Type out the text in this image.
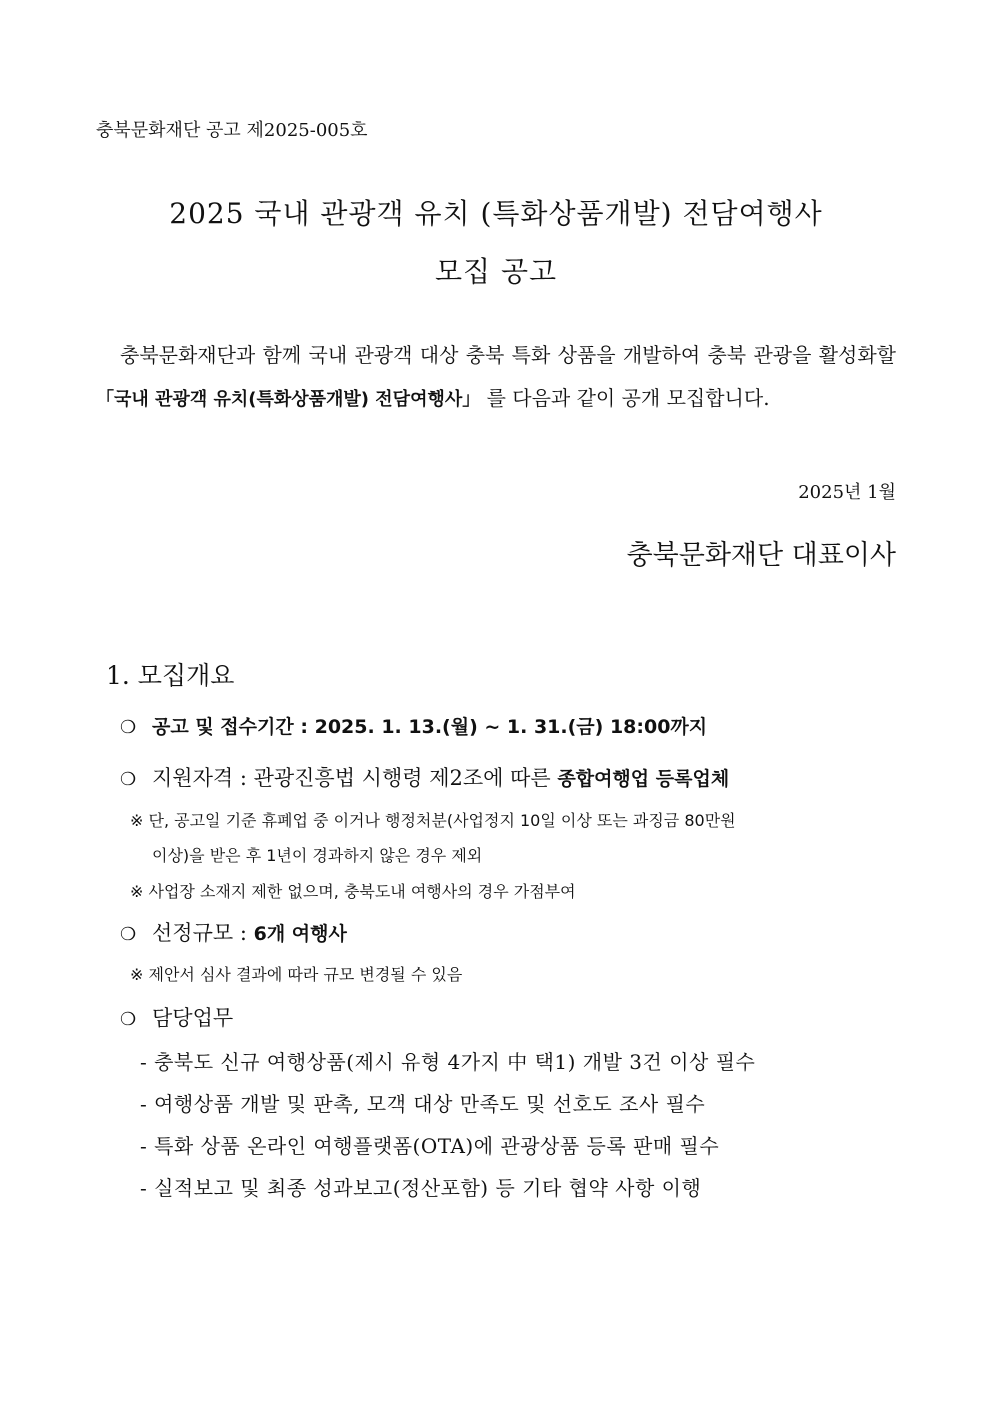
충북문화재단 공고 제2025-005호
2025 국내 관광객 유치 (특화상품개발) 전담여행사
모집 공고
충북문화재단과 함께 국내 관광객 대상 충북 특화 상품을 개발하여 충북 관광을 활성화할 「국내 관광객 유치(특화상품개발) 전담여행사」 를 다음과 같이 공개 모집합니다.
2025년 1월
충북문화재단 대표이사
1. 모집개요
❍ 공고 및 접수기간 : 2025. 1. 13.(월) ~ 1. 31.(금) 18:00까지
❍ 지원자격 : 관광진흥법 시행령 제2조에 따른 종합여행업 등록업체
※ 단, 공고일 기준 휴폐업 중 이거나 행정처분(사업정지 10일 이상 또는 과징금 80만원
이상)을 받은 후 1년이 경과하지 않은 경우 제외
※ 사업장 소재지 제한 없으며, 충북도내 여행사의 경우 가점부여
❍ 선정규모 : 6개 여행사
※ 제안서 심사 결과에 따라 규모 변경될 수 있음
❍ 담당업무
- 충북도 신규 여행상품(제시 유형 4가지 中 택1) 개발 3건 이상 필수
- 여행상품 개발 및 판촉, 모객 대상 만족도 및 선호도 조사 필수
- 특화 상품 온라인 여행플랫폼(OTA)에 관광상품 등록 판매 필수
- 실적보고 및 최종 성과보고(정산포함) 등 기타 협약 사항 이행
